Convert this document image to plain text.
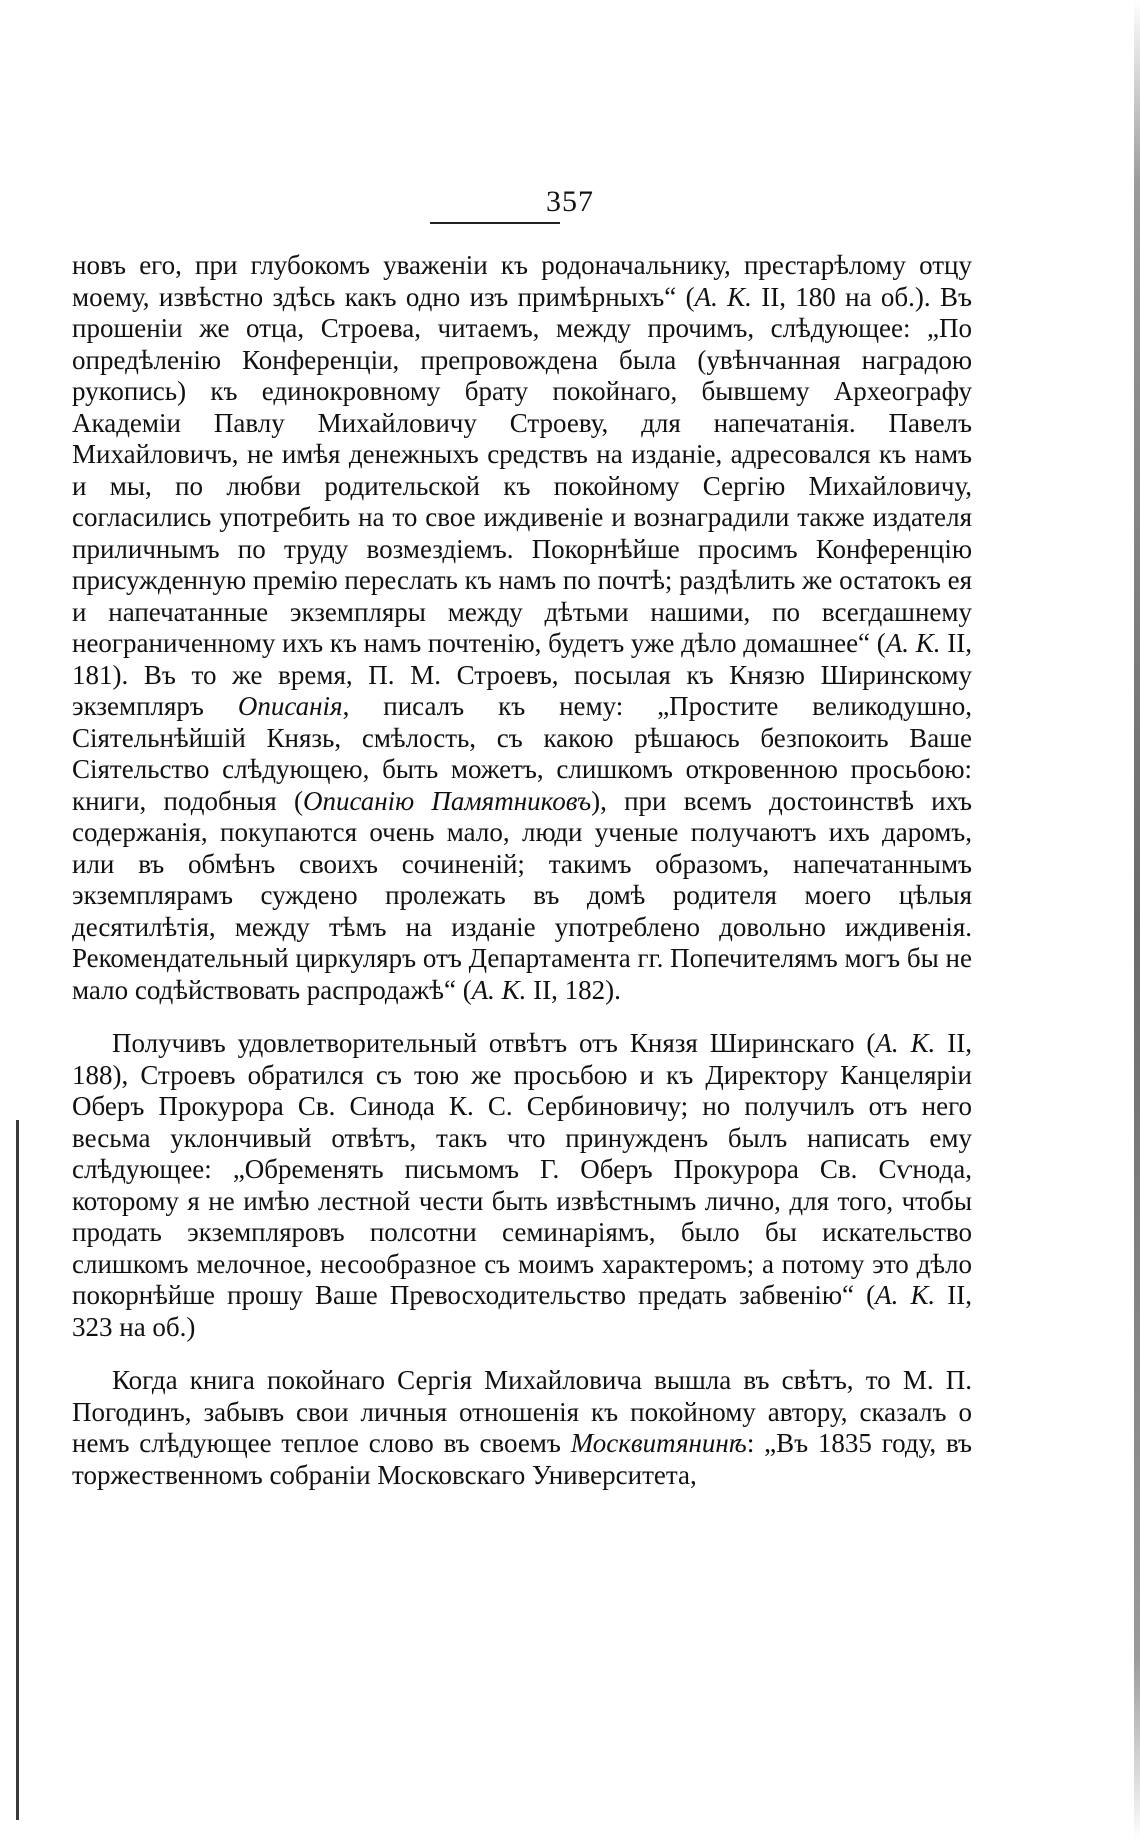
357

новъ его, при глубокомъ уваженіи къ родоначальнику, престарѣлому отцу моему, извѣстно здѣсь какъ одно изъ примѣрныхъ“ (А. К. II, 180 на об.). Въ прошеніи же отца, Строева, читаемъ, между прочимъ, слѣдующее: „По опредѣленію Конференціи, препровождена была (увѣнчанная наградою рукопись) къ единокровному брату покойнаго, бывшему Археографу Академіи Павлу Михайловичу Строеву, для напечатанія. Павелъ Михайловичъ, не имѣя денежныхъ средствъ на изданіе, адресовался къ намъ и мы, по любви родительской къ покойному Сергію Михайловичу, согласились употребить на то свое иждивеніе и вознаградили также издателя приличнымъ по труду возмездіемъ. Покорнѣйше просимъ Конференцію присужденную премію переслать къ намъ по почтѣ; раздѣлить же остатокъ ея и напечатанные экземпляры между дѣтьми нашими, по всегдашнему неограниченному ихъ къ намъ почтенію, будетъ уже дѣло домашнее“ (А. К. II, 181). Въ то же время, П. М. Строевъ, посылая къ Князю Ширинскому экземпляръ Описанія, писалъ къ нему: „Простите великодушно, Сіятельнѣйшій Князь, смѣлость, съ какою рѣшаюсь безпокоить Ваше Сіятельство слѣдующею, быть можетъ, слишкомъ откровенною просьбою: книги, подобныя (Описанію Памятниковъ), при всемъ достоинствѣ ихъ содержанія, покупаются очень мало, люди ученые получаютъ ихъ даромъ, или въ обмѣнъ своихъ сочиненій; такимъ образомъ, напечатаннымъ экземплярамъ суждено пролежать въ домѣ родителя моего цѣлыя десятилѣтія, между тѣмъ на изданіе употреблено довольно иждивенія. Рекомендательный циркуляръ отъ Департамента гг. Попечителямъ могъ бы не мало содѣйствовать распродажѣ“ (А. К. II, 182).

Получивъ удовлетворительный отвѣтъ отъ Князя Ширинскаго (А. К. II, 188), Строевъ обратился съ тою же просьбою и къ Директору Канцеляріи Оберъ Прокурора Св. Синода К. С. Сербиновичу; но получилъ отъ него весьма уклончивый отвѣтъ, такъ что принужденъ былъ написать ему слѣдующее: „Обременять письмомъ Г. Оберъ Прокурора Св. Сѵнода, которому я не имѣю лестной чести быть извѣстнымъ лично, для того, чтобы продать экземпляровъ полсотни семинаріямъ, было бы искательство слишкомъ мелочное, несообразное съ моимъ характеромъ; а потому это дѣло покорнѣйше прошу Ваше Превосходительство предать забвенію“ (А. К. II, 323 на об.)

Когда книга покойнаго Сергія Михайловича вышла въ свѣтъ, то М. П. Погодинъ, забывъ свои личныя отношенія къ покойному автору, сказалъ о немъ слѣдующее теплое слово въ своемъ Москвитянинѣ: „Въ 1835 году, въ торжественномъ собраніи Московскаго Университета,
